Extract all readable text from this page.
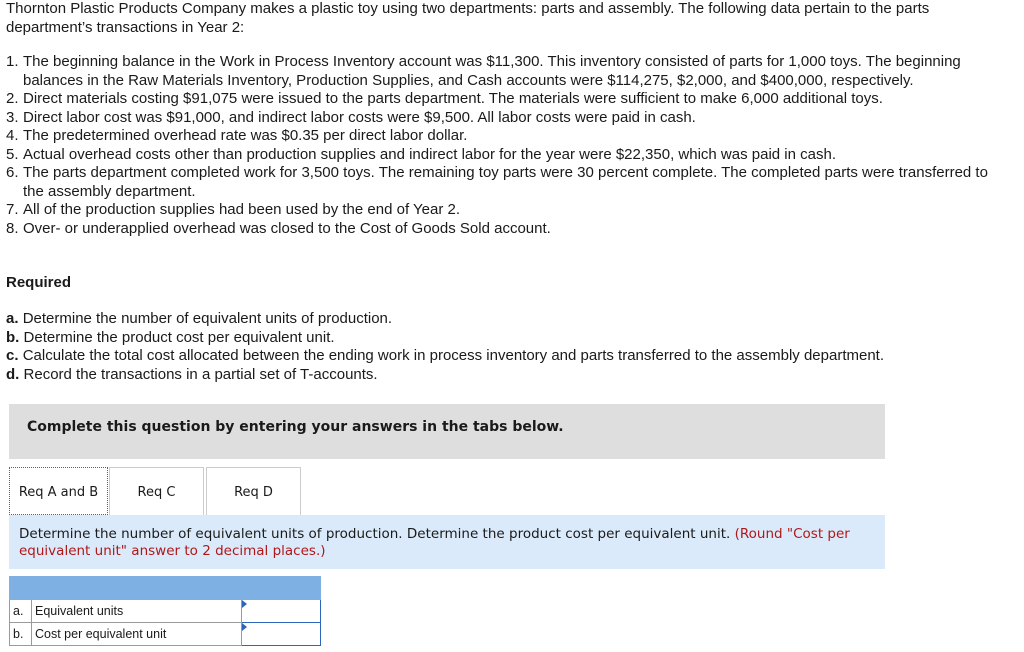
Thornton Plastic Products Company makes a plastic toy using two departments: parts and assembly. The following data pertain to the parts department’s transactions in Year 2:
1. The beginning balance in the Work in Process Inventory account was $11,300. This inventory consisted of parts for 1,000 toys. The beginning balances in the Raw Materials Inventory, Production Supplies, and Cash accounts were $114,275, $2,000, and $400,000, respectively.
2. Direct materials costing $91,075 were issued to the parts department. The materials were sufficient to make 6,000 additional toys.
3. Direct labor cost was $91,000, and indirect labor costs were $9,500. All labor costs were paid in cash.
4. The predetermined overhead rate was $0.35 per direct labor dollar.
5. Actual overhead costs other than production supplies and indirect labor for the year were $22,350, which was paid in cash.
6. The parts department completed work for 3,500 toys. The remaining toy parts were 30 percent complete. The completed parts were transferred to the assembly department.
7. All of the production supplies had been used by the end of Year 2.
8. Over- or underapplied overhead was closed to the Cost of Goods Sold account.
Required
a. Determine the number of equivalent units of production.
b. Determine the product cost per equivalent unit.
c. Calculate the total cost allocated between the ending work in process inventory and parts transferred to the assembly department.
d. Record the transactions in a partial set of T-accounts.
Complete this question by entering your answers in the tabs below.
Req A and B	Req C	Req D
Determine the number of equivalent units of production. Determine the product cost per equivalent unit. (Round "Cost per equivalent unit" answer to 2 decimal places.)

a.	Equivalent units	

b.	Cost per equivalent unit	
